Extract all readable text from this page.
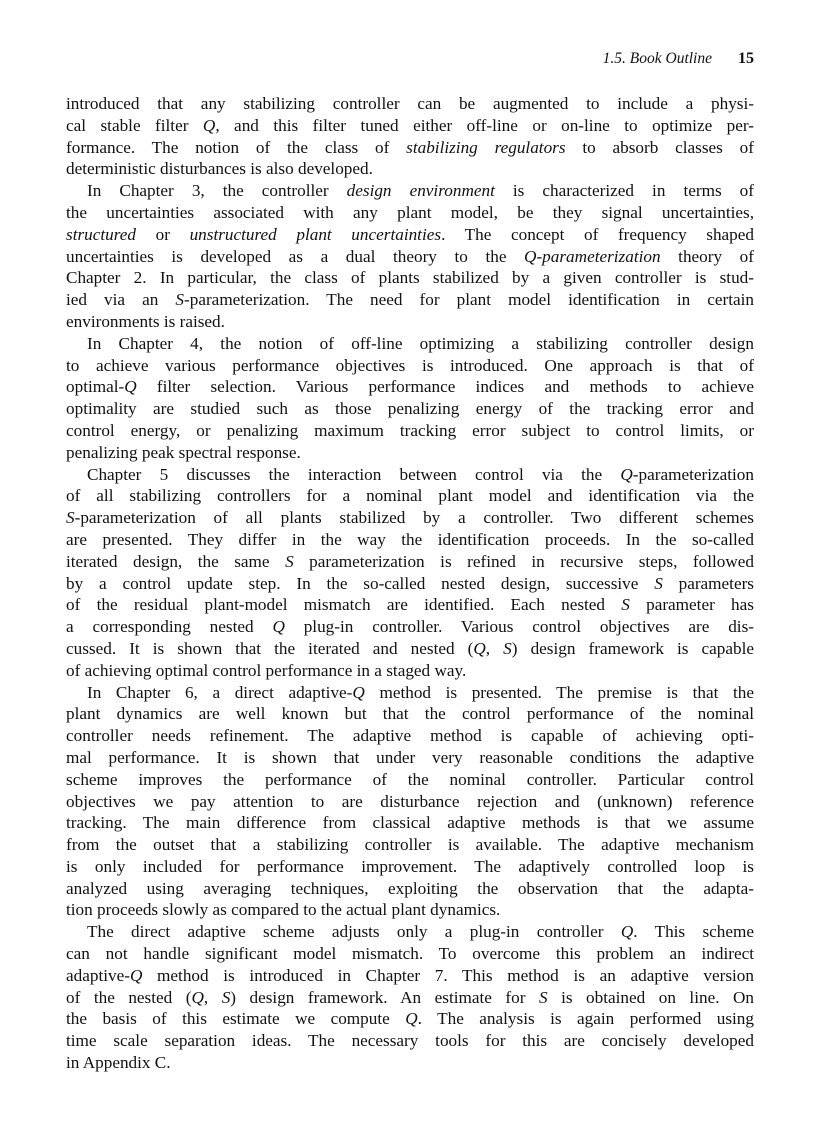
1.5. Book Outline 15
introduced that any stabilizing controller can be augmented to include a physi-
cal stable filter Q, and this filter tuned either off-line or on-line to optimize per-
formance. The notion of the class of stabilizing regulators to absorb classes of
deterministic disturbances is also developed.
In Chapter 3, the controller design environment is characterized in terms of
the uncertainties associated with any plant model, be they signal uncertainties,
structured or unstructured plant uncertainties. The concept of frequency shaped
uncertainties is developed as a dual theory to the Q-parameterization theory of
Chapter 2. In particular, the class of plants stabilized by a given controller is stud-
ied via an S-parameterization. The need for plant model identification in certain
environments is raised.
In Chapter 4, the notion of off-line optimizing a stabilizing controller design
to achieve various performance objectives is introduced. One approach is that of
optimal-Q filter selection. Various performance indices and methods to achieve
optimality are studied such as those penalizing energy of the tracking error and
control energy, or penalizing maximum tracking error subject to control limits, or
penalizing peak spectral response.
Chapter 5 discusses the interaction between control via the Q-parameterization
of all stabilizing controllers for a nominal plant model and identification via the
S-parameterization of all plants stabilized by a controller. Two different schemes
are presented. They differ in the way the identification proceeds. In the so-called
iterated design, the same S parameterization is refined in recursive steps, followed
by a control update step. In the so-called nested design, successive S parameters
of the residual plant-model mismatch are identified. Each nested S parameter has
a corresponding nested Q plug-in controller. Various control objectives are dis-
cussed. It is shown that the iterated and nested (Q, S) design framework is capable
of achieving optimal control performance in a staged way.
In Chapter 6, a direct adaptive-Q method is presented. The premise is that the
plant dynamics are well known but that the control performance of the nominal
controller needs refinement. The adaptive method is capable of achieving opti-
mal performance. It is shown that under very reasonable conditions the adaptive
scheme improves the performance of the nominal controller. Particular control
objectives we pay attention to are disturbance rejection and (unknown) reference
tracking. The main difference from classical adaptive methods is that we assume
from the outset that a stabilizing controller is available. The adaptive mechanism
is only included for performance improvement. The adaptively controlled loop is
analyzed using averaging techniques, exploiting the observation that the adapta-
tion proceeds slowly as compared to the actual plant dynamics.
The direct adaptive scheme adjusts only a plug-in controller Q. This scheme
can not handle significant model mismatch. To overcome this problem an indirect
adaptive-Q method is introduced in Chapter 7. This method is an adaptive version
of the nested (Q, S) design framework. An estimate for S is obtained on line. On
the basis of this estimate we compute Q. The analysis is again performed using
time scale separation ideas. The necessary tools for this are concisely developed
in Appendix C.
